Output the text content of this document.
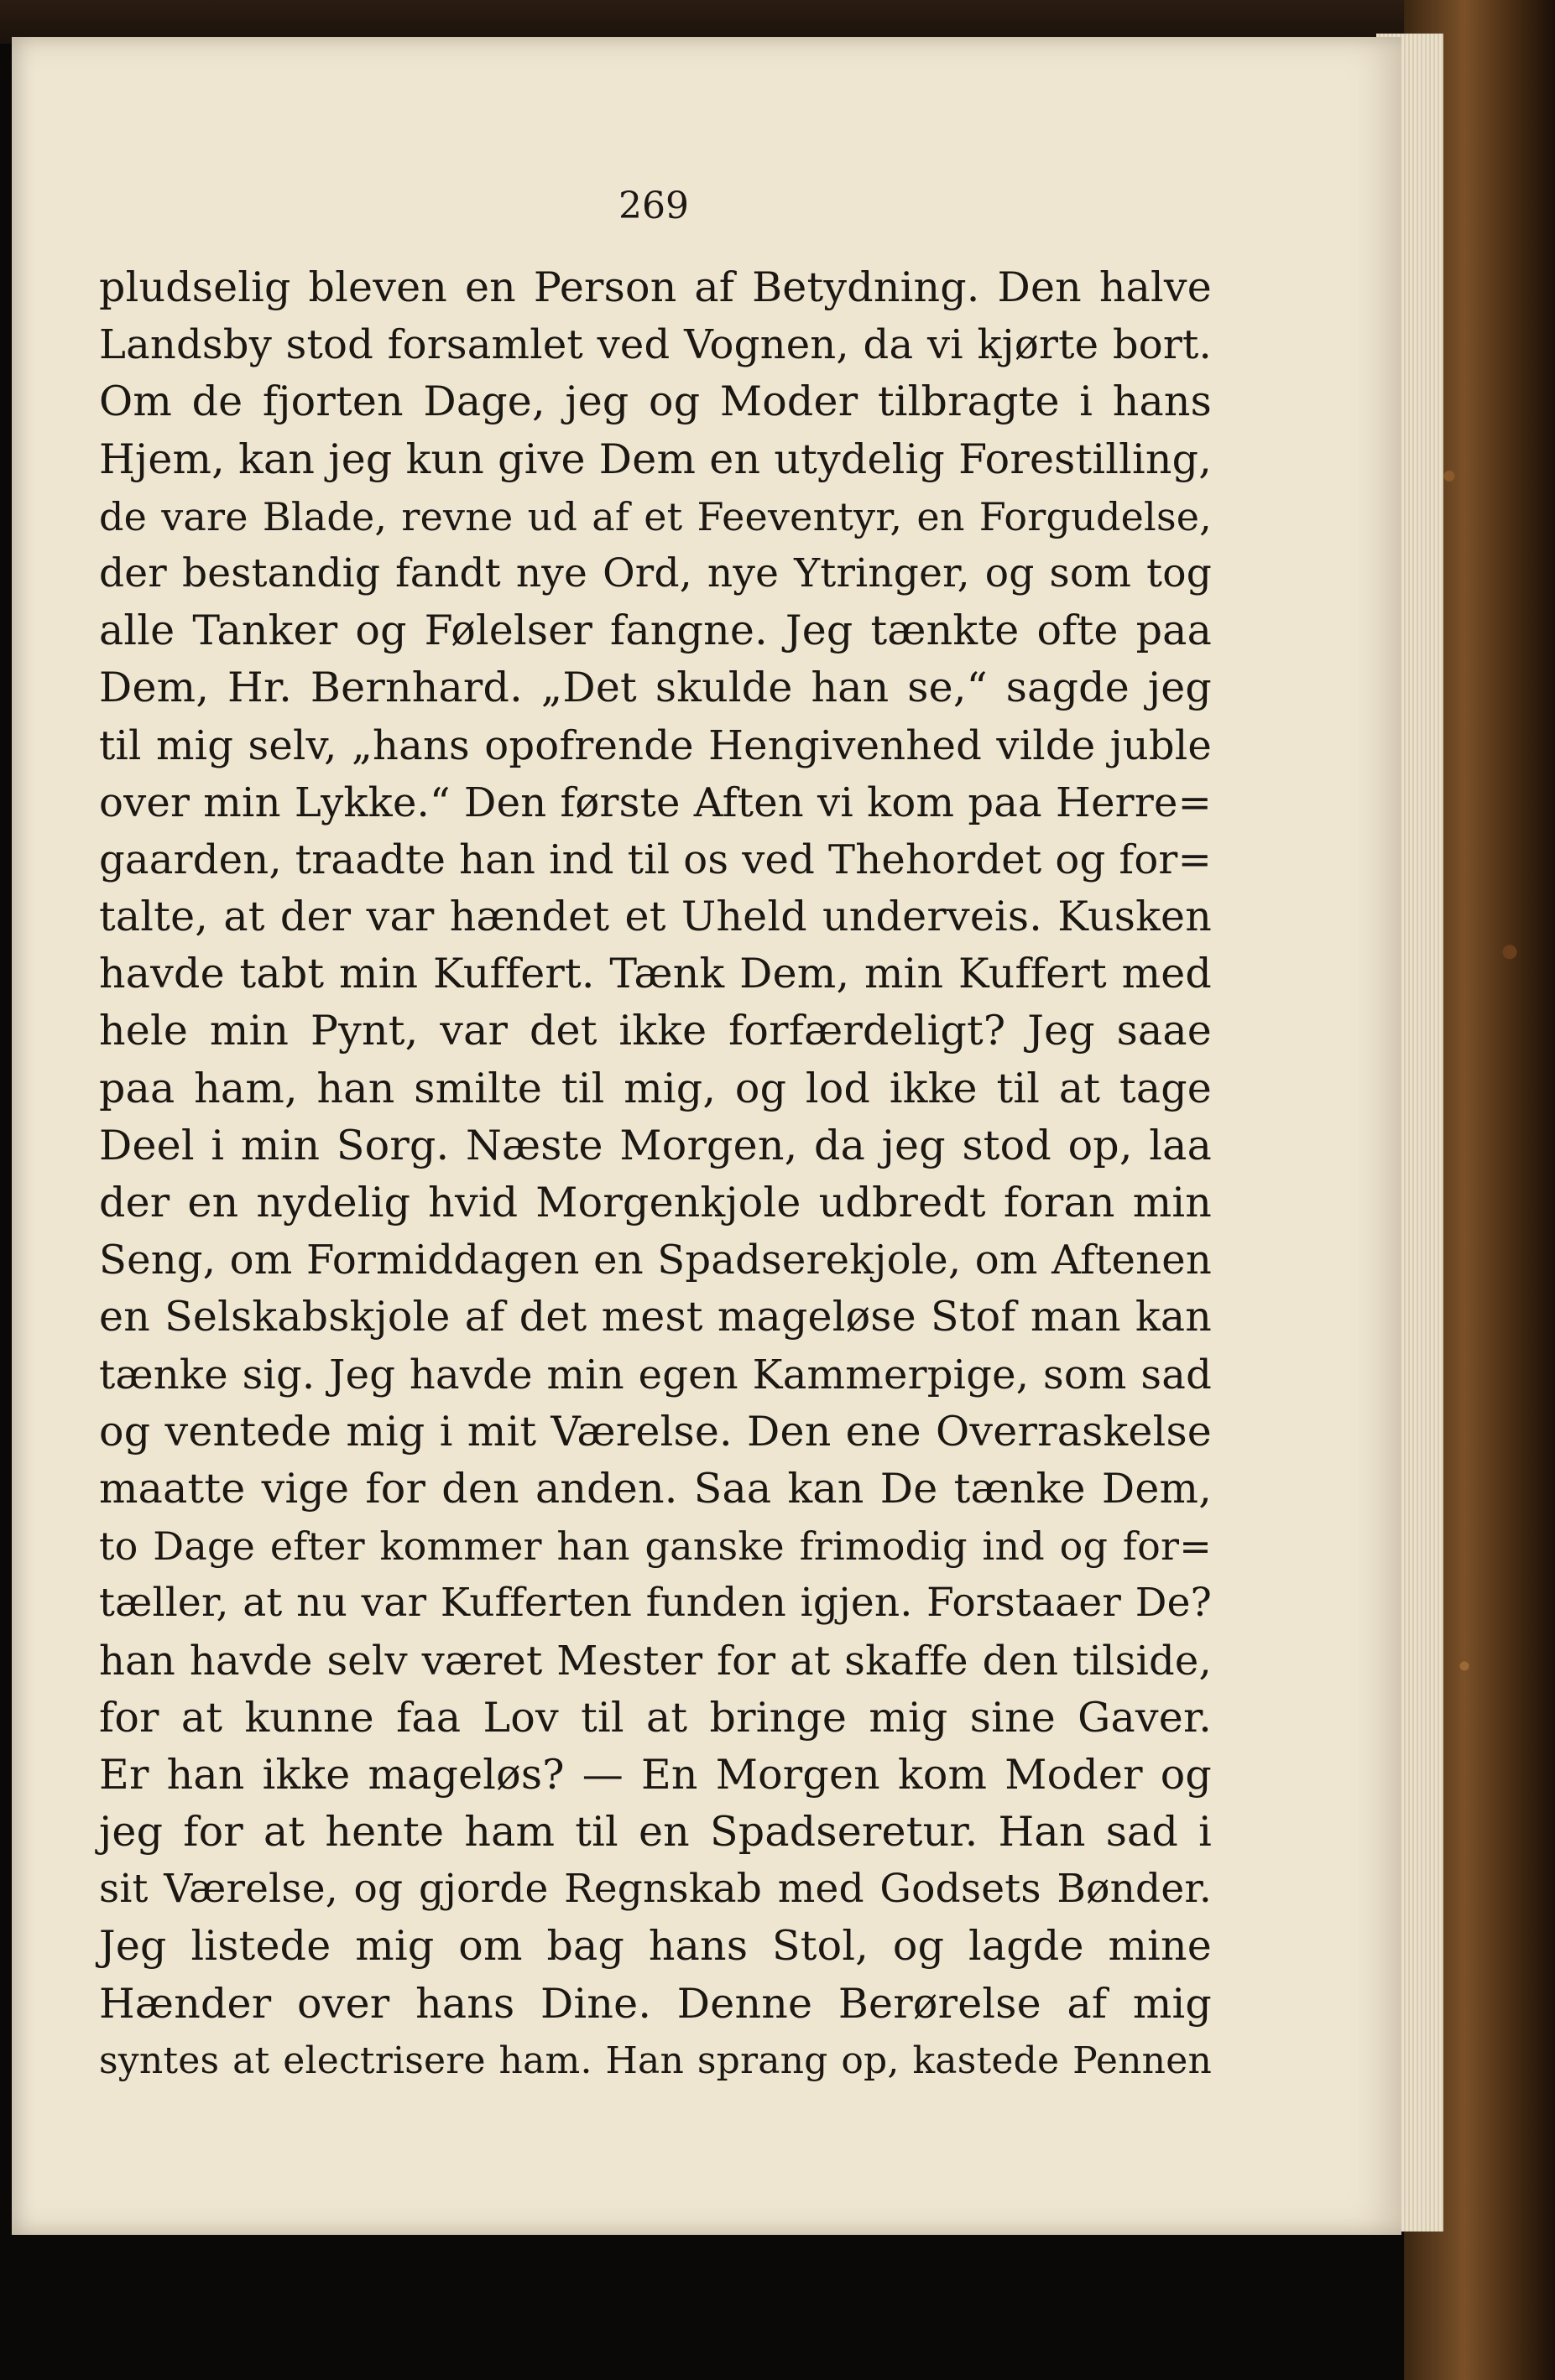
269
pludselig bleven en Person af Betydning. Den halve
Landsby stod forsamlet ved Vognen, da vi kjørte bort.
Om de fjorten Dage, jeg og Moder tilbragte i hans
Hjem, kan jeg kun give Dem en utydelig Forestilling,
de vare Blade, revne ud af et Feeventyr, en Forgudelse,
der bestandig fandt nye Ord, nye Ytringer, og som tog
alle Tanker og Følelser fangne. Jeg tænkte ofte paa
Dem, Hr. Bernhard. „Det skulde han se,“ sagde jeg
til mig selv, „hans opofrende Hengivenhed vilde juble
over min Lykke.“ Den første Aften vi kom paa Herre=
gaarden, traadte han ind til os ved Thehordet og for=
talte, at der var hændet et Uheld underveis. Kusken
havde tabt min Kuffert. Tænk Dem, min Kuffert med
hele min Pynt, var det ikke forfærdeligt? Jeg saae
paa ham, han smilte til mig, og lod ikke til at tage
Deel i min Sorg. Næste Morgen, da jeg stod op, laa
der en nydelig hvid Morgenkjole udbredt foran min
Seng, om Formiddagen en Spadserekjole, om Aftenen
en Selskabskjole af det mest mageløse Stof man kan
tænke sig. Jeg havde min egen Kammerpige, som sad
og ventede mig i mit Værelse. Den ene Overraskelse
maatte vige for den anden. Saa kan De tænke Dem,
to Dage efter kommer han ganske frimodig ind og for=
tæller, at nu var Kufferten funden igjen. Forstaaer De?
han havde selv været Mester for at skaffe den tilside,
for at kunne faa Lov til at bringe mig sine Gaver.
Er han ikke mageløs? — En Morgen kom Moder og
jeg for at hente ham til en Spadseretur. Han sad i
sit Værelse, og gjorde Regnskab med Godsets Bønder.
Jeg listede mig om bag hans Stol, og lagde mine
Hænder over hans Dine. Denne Berørelse af mig
syntes at electrisere ham. Han sprang op, kastede Pennen
